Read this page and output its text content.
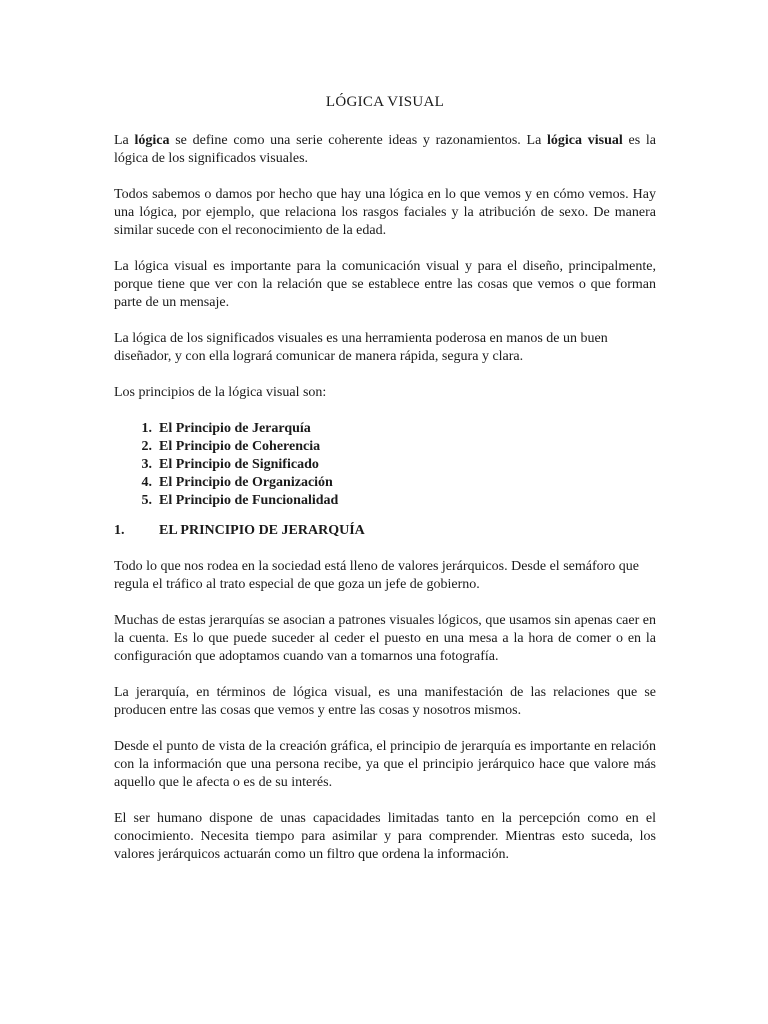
LÓGICA VISUAL

La lógica se define como una serie coherente ideas y razonamientos. La lógica visual es la lógica de los significados visuales.

Todos sabemos o damos por hecho que hay una lógica en lo que vemos y en cómo vemos. Hay una lógica, por ejemplo, que relaciona los rasgos faciales y la atribución de sexo. De manera similar sucede con el reconocimiento de la edad.

La lógica visual es importante para la comunicación visual y para el diseño, principalmente, porque tiene que ver con la relación que se establece entre las cosas que vemos o que forman parte de un mensaje.

La lógica de los significados visuales es una herramienta poderosa en manos de un buen diseñador, y con ella logrará comunicar de manera rápida, segura y clara.

Los principios de la lógica visual son:

1. El Principio de Jerarquía
2. El Principio de Coherencia
3. El Principio de Significado
4. El Principio de Organización
5. El Principio de Funcionalidad
1.	EL PRINCIPIO DE JERARQUÍA

Todo lo que nos rodea en la sociedad está lleno de valores jerárquicos. Desde el semáforo que regula el tráfico al trato especial de que goza un jefe de gobierno.

Muchas de estas jerarquías se asocian a patrones visuales lógicos, que usamos sin apenas caer en la cuenta. Es lo que puede suceder al ceder el puesto en una mesa a la hora de comer o en la configuración que adoptamos cuando van a tomarnos una fotografía.

La jerarquía, en términos de lógica visual, es una manifestación de las relaciones que se producen entre las cosas que vemos y entre las cosas y nosotros mismos.

Desde el punto de vista de la creación gráfica, el principio de jerarquía es importante en relación con la información que una persona recibe, ya que el principio jerárquico hace que valore más aquello que le afecta o es de su interés.

El ser humano dispone de unas capacidades limitadas tanto en la percepción como en el conocimiento. Necesita tiempo para asimilar y para comprender. Mientras esto suceda, los valores jerárquicos actuarán como un filtro que ordena la información.
